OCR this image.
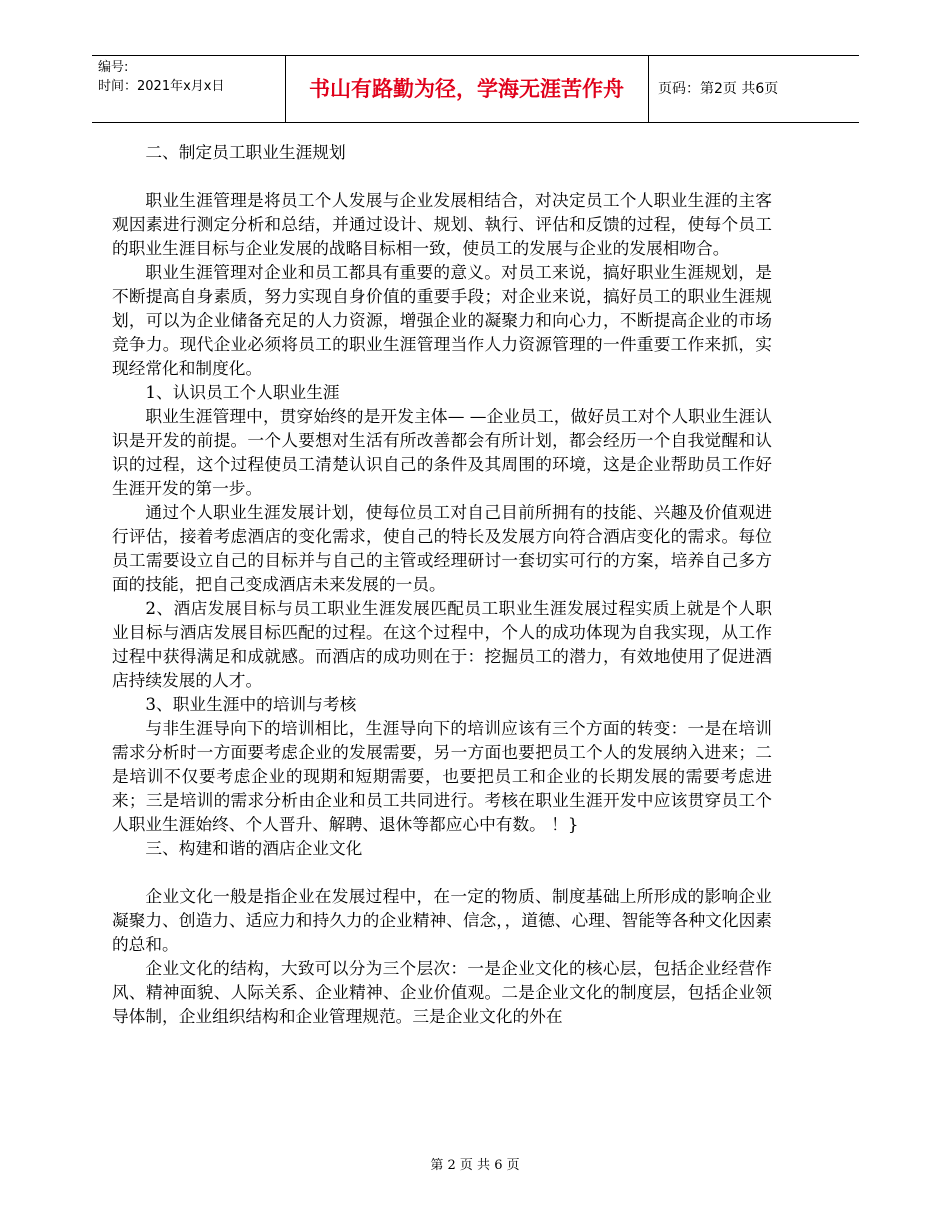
编号:
时间：2021年x月x日	书山有路勤为径，学海无涯苦作舟	页码：第2页 共6页

二、制定员工职业生涯规划

职业生涯管理是将员工个人发展与企业发展相结合，对决定员工个人职业生涯的主客观因素进行测定分析和总结，并通过设计、规划、執行、评估和反馈的过程，使每个员工的职业生涯目标与企业发展的战略目标相一致，使员工的发展与企业的发展相吻合。

职业生涯管理对企业和员工都具有重要的意义。对员工来说，搞好职业生涯规划，是不断提高自身素质，努力实现自身价值的重要手段；对企业来说，搞好员工的职业生涯规划，可以为企业储备充足的人力资源，增强企业的凝聚力和向心力，不断提高企业的市场竞争力。现代企业必须将员工的职业生涯管理当作人力资源管理的一件重要工作来抓，实现经常化和制度化。

1、认识员工个人职业生涯

职业生涯管理中，贯穿始终的是开发主体— —企业员工，做好员工对个人职业生涯认识是开发的前提。一个人要想对生活有所改善都会有所计划，都会经历一个自我觉醒和认识的过程，这个过程使员工清楚认识自己的条件及其周围的环境，这是企业帮助员工作好生涯开发的第一步。

通过个人职业生涯发展计划，使每位员工对自己目前所拥有的技能、兴趣及价值观进行评估，接着考虑酒店的变化需求，使自己的特长及发展方向符合酒店变化的需求。每位员工需要设立自己的目标并与自己的主管或经理研讨一套切实可行的方案，培养自己多方面的技能，把自己变成酒店未来发展的一员。

2、酒店发展目标与员工职业生涯发展匹配员工职业生涯发展过程实质上就是个人职业目标与酒店发展目标匹配的过程。在这个过程中，个人的成功体现为自我实现，从工作过程中获得满足和成就感。而酒店的成功则在于：挖掘员工的潜力，有效地使用了促进酒店持续发展的人才。

3、职业生涯中的培训与考核

与非生涯导向下的培训相比，生涯导向下的培训应该有三个方面的转变：一是在培训需求分析时一方面要考虑企业的发展需要，另一方面也要把员工个人的发展纳入进来；二是培训不仅要考虑企业的现期和短期需要，也要把员工和企业的长期发展的需要考虑进来；三是培训的需求分析由企业和员工共同进行。考核在职业生涯开发中应该贯穿员工个人职业生涯始终、个人晋升、解聘、退休等都应心中有数。 ！}

三、构建和谐的酒店企业文化

企业文化一般是指企业在发展过程中，在一定的物质、制度基础上所形成的影响企业凝聚力、创造力、适应力和持久力的企业精神、信念，，道德、心理、智能等各种文化因素的总和。

企业文化的结构，大致可以分为三个层次：一是企业文化的核心层，包括企业经营作风、精神面貌、人际关系、企业精神、企业价值观。二是企业文化的制度层，包括企业领导体制，企业组织结构和企业管理规范。三是企业文化的外在

第 2 页 共 6 页
